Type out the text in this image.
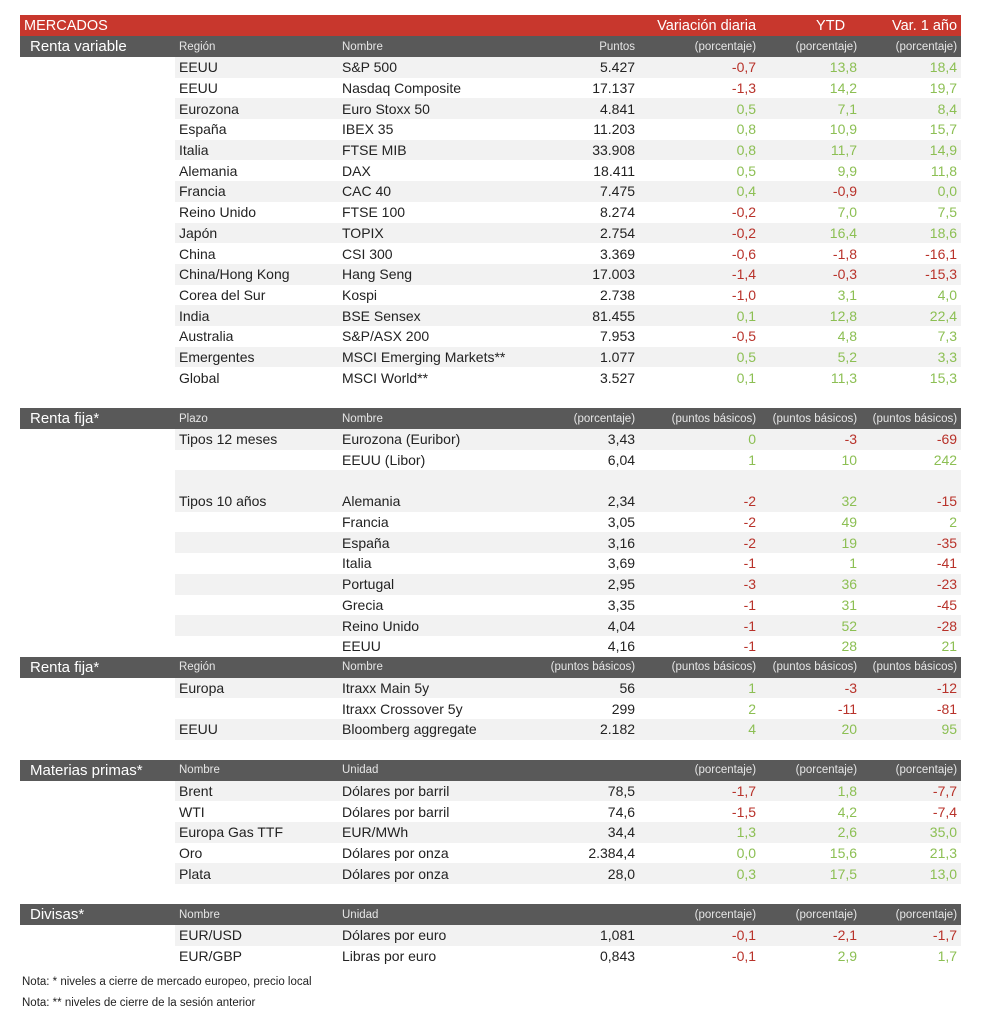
MERCADOS				Variación diaria	YTD	Var. 1 año
Renta variable	Región	Nombre	Puntos	(porcentaje)	(porcentaje)	(porcentaje)
	EEUU	S&P 500	5.427	-0,7	13,8	18,4
	EEUU	Nasdaq Composite	17.137	-1,3	14,2	19,7
	Eurozona	Euro Stoxx 50	4.841	0,5	7,1	8,4
	España	IBEX 35	11.203	0,8	10,9	15,7
	Italia	FTSE MIB	33.908	0,8	11,7	14,9
	Alemania	DAX	18.411	0,5	9,9	11,8
	Francia	CAC 40	7.475	0,4	-0,9	0,0
	Reino Unido	FTSE 100	8.274	-0,2	7,0	7,5
	Japón	TOPIX	2.754	-0,2	16,4	18,6
	China	CSI 300	3.369	-0,6	-1,8	-16,1
	China/Hong Kong	Hang Seng	17.003	-1,4	-0,3	-15,3
	Corea del Sur	Kospi	2.738	-1,0	3,1	4,0
	India	BSE Sensex	81.455	0,1	12,8	22,4
	Australia	S&P/ASX 200	7.953	-0,5	4,8	7,3
	Emergentes	MSCI Emerging Markets**	1.077	0,5	5,2	3,3
	Global	MSCI World**	3.527	0,1	11,3	15,3

Renta fija*	Plazo	Nombre	(porcentaje)	(puntos básicos)	(puntos básicos)	(puntos básicos)
	Tipos 12 meses	Eurozona (Euribor)	3,43	0	-3	-69
		EEUU (Libor)	6,04	1	10	242

	Tipos 10 años	Alemania	2,34	-2	32	-15
		Francia	3,05	-2	49	2
		España	3,16	-2	19	-35
		Italia	3,69	-1	1	-41
		Portugal	2,95	-3	36	-23
		Grecia	3,35	-1	31	-45
		Reino Unido	4,04	-1	52	-28
		EEUU	4,16	-1	28	21
Renta fija*	Región	Nombre	(puntos básicos)	(puntos básicos)	(puntos básicos)	(puntos básicos)
	Europa	Itraxx Main 5y	56	1	-3	-12
		Itraxx Crossover 5y	299	2	-11	-81
	EEUU	Bloomberg aggregate	2.182	4	20	95

Materias primas*	Nombre	Unidad		(porcentaje)	(porcentaje)	(porcentaje)
	Brent	Dólares por barril	78,5	-1,7	1,8	-7,7
	WTI	Dólares por barril	74,6	-1,5	4,2	-7,4
	Europa Gas TTF	EUR/MWh	34,4	1,3	2,6	35,0
	Oro	Dólares por onza	2.384,4	0,0	15,6	21,3
	Plata	Dólares por onza	28,0	0,3	17,5	13,0

Divisas*	Nombre	Unidad		(porcentaje)	(porcentaje)	(porcentaje)
	EUR/USD	Dólares por euro	1,081	-0,1	-2,1	-1,7
	EUR/GBP	Libras por euro	0,843	-0,1	2,9	1,7
Nota: * niveles a cierre de mercado europeo, precio local
Nota: ** niveles de cierre de la sesión anterior
